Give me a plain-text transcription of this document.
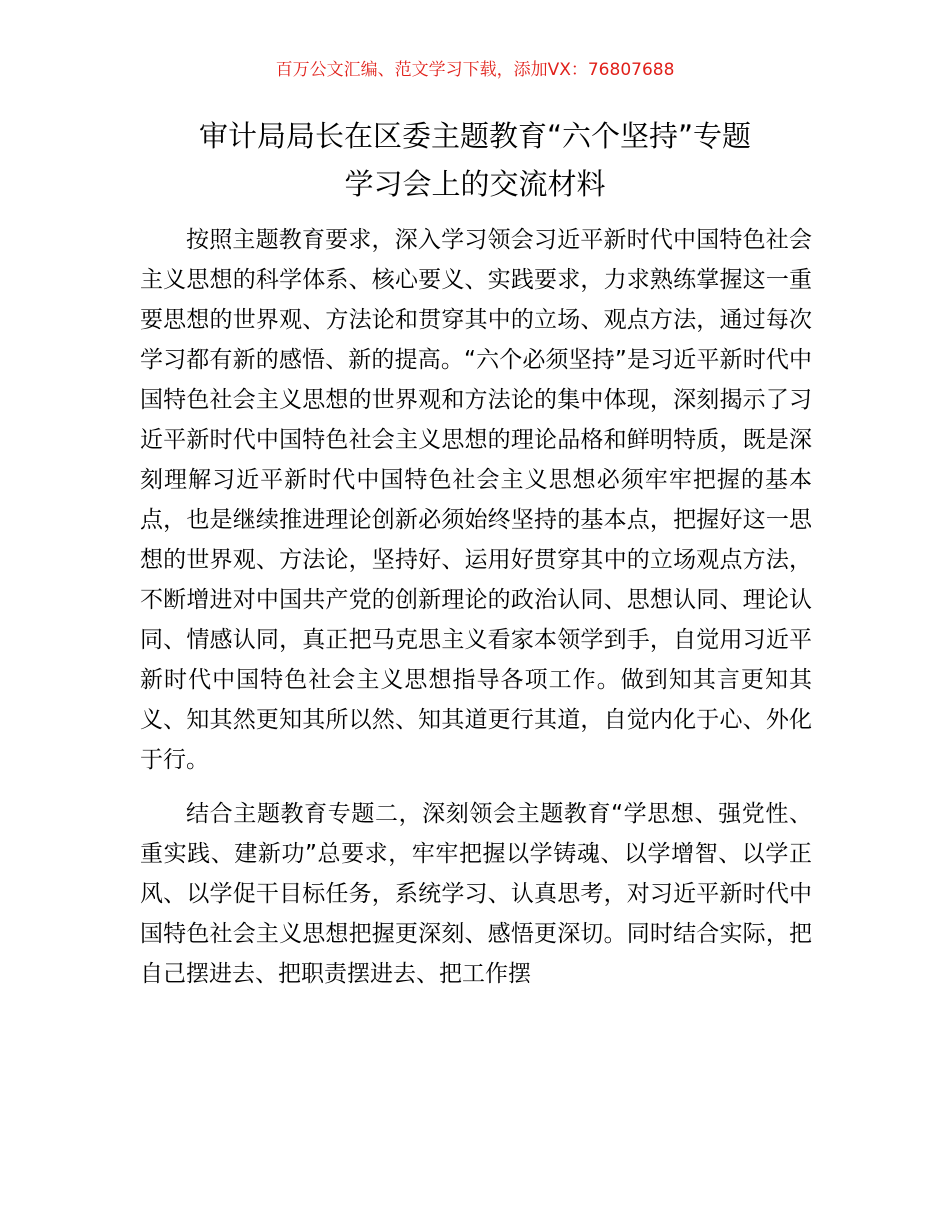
百万公文汇编、范文学习下载，添加VX：76807688
审计局局长在区委主题教育“六个坚持”专题
学习会上的交流材料

按照主题教育要求，深入学习领会习近平新时代中国特色社会主义思想的科学体系、核心要义、实践要求，力求熟练掌握这一重要思想的世界观、方法论和贯穿其中的立场、观点方法，通过每次学习都有新的感悟、新的提高。“六个必须坚持”是习近平新时代中国特色社会主义思想的世界观和方法论的集中体现，深刻揭示了习近平新时代中国特色社会主义思想的理论品格和鲜明特质，既是深刻理解习近平新时代中国特色社会主义思想必须牢牢把握的基本点，也是继续推进理论创新必须始终坚持的基本点，把握好这一思想的世界观、方法论，坚持好、运用好贯穿其中的立场观点方法，不断增进对中国共产党的创新理论的政治认同、思想认同、理论认同、情感认同，真正把马克思主义看家本领学到手，自觉用习近平新时代中国特色社会主义思想指导各项工作。做到知其言更知其义、知其然更知其所以然、知其道更行其道，自觉内化于心、外化于行。

结合主题教育专题二，深刻领会主题教育“学思想、强党性、重实践、建新功”总要求，牢牢把握以学铸魂、以学增智、以学正风、以学促干目标任务，系统学习、认真思考，对习近平新时代中国特色社会主义思想把握更深刻、感悟更深切。同时结合实际，把自己摆进去、把职责摆进去、把工作摆
